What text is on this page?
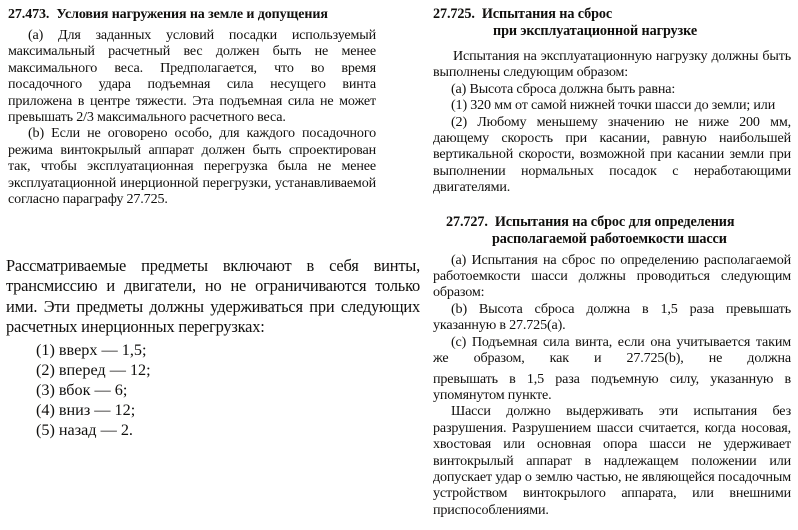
27.473. Условия нагружения на земле и допущения

(a) Для заданных условий посадки используемый максимальный расчетный вес должен быть не менее максимального веса. Предполагается, что во время посадочного удара подъемная сила несущего винта приложена в центре тяжести. Эта подъемная сила не может превышать 2/3 максимального расчетного веса.

(b) Если не оговорено особо, для каждого посадочного режима винтокрылый аппарат должен быть спроектирован так, чтобы эксплуатационная перегрузка была не менее эксплуатационной инерционной перегрузки, устанавливаемой согласно параграфу 27.725.

Рассматриваемые предметы включают в себя винты, трансмиссию и двигатели, но не ограничиваются только ими. Эти предметы должны удерживаться при следующих расчетных инерционных перегрузках:

(1) вверх — 1,5;
(2) вперед — 12;
(3) вбок — 6;
(4) вниз — 12;
(5) назад — 2.
27.725. Испытания на сброс
при эксплуатационной нагрузке

Испытания на эксплуатационную нагрузку должны быть выполнены следующим образом:

(a) Высота сброса должна быть равна:

(1) 320 мм от самой нижней точки шасси до земли; или

(2) Любому меньшему значению не ниже 200 мм, дающему скорость при касании, равную наибольшей вертикальной скорости, возможной при касании земли при выполнении нормальных посадок с неработающими двигателями.

27.727. Испытания на сброс для определения
располагаемой работоемкости шасси

(a) Испытания на сброс по определению располагаемой работоемкости шасси должны проводиться следующим образом:

(b) Высота сброса должна в 1,5 раза превышать указанную в 27.725(a).

(c) Подъемная сила винта, если она учитывается таким же образом, как и 27.725(b), не должна

превышать в 1,5 раза подъемную силу, указанную в упомянутом пункте.

Шасси должно выдерживать эти испытания без разрушения. Разрушением шасси считается, когда носовая, хвостовая или основная опора шасси не удерживает винтокрылый аппарат в надлежащем положении или допускает удар о землю частью, не являющейся посадочным устройством винтокрылого аппарата, или внешними приспособлениями.
